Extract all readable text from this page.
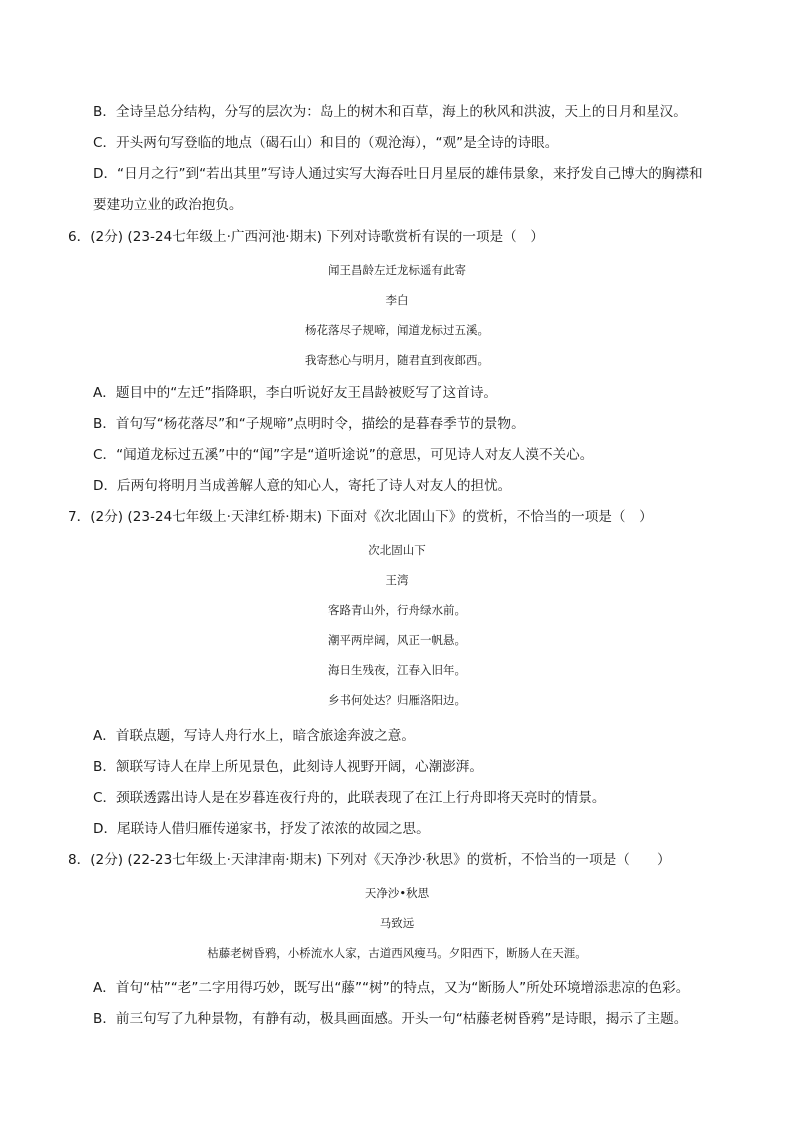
B．全诗呈总分结构，分写的层次为：岛上的树木和百草，海上的秋风和洪波，天上的日月和星汉。
C．开头两句写登临的地点（碣石山）和目的（观沧海），“观”是全诗的诗眼。
D．“日月之行”到“若出其里”写诗人通过实写大海吞吐日月星辰的雄伟景象，来抒发自己博大的胸襟和
要建功立业的政治抱负。
6．(2分) (23-24七年级上·广西河池·期末) 下列对诗歌赏析有误的一项是（　）
闻王昌龄左迁龙标遥有此寄
李白
杨花落尽子规啼，闻道龙标过五溪。
我寄愁心与明月，随君直到夜郎西。
A．题目中的“左迁”指降职，李白听说好友王昌龄被贬写了这首诗。
B．首句写“杨花落尽”和“子规啼”点明时令，描绘的是暮春季节的景物。
C．“闻道龙标过五溪”中的“闻”字是“道听途说”的意思，可见诗人对友人漠不关心。
D．后两句将明月当成善解人意的知心人，寄托了诗人对友人的担忧。
7．(2分) (23-24七年级上·天津红桥·期末) 下面对《次北固山下》的赏析，不恰当的一项是（　）
次北固山下
王湾
客路青山外，行舟绿水前。
潮平两岸阔，风正一帆悬。
海日生残夜，江春入旧年。
乡书何处达？归雁洛阳边。
A．首联点题，写诗人舟行水上，暗含旅途奔波之意。
B．颔联写诗人在岸上所见景色，此刻诗人视野开阔，心潮澎湃。
C．颈联透露出诗人是在岁暮连夜行舟的，此联表现了在江上行舟即将天亮时的情景。
D．尾联诗人借归雁传递家书，抒发了浓浓的故园之思。
8．(2分) (22-23七年级上·天津津南·期末) 下列对《天净沙·秋思》的赏析，不恰当的一项是（　　）
天净沙•秋思
马致远
枯藤老树昏鸦，小桥流水人家，古道西风瘦马。夕阳西下，断肠人在天涯。
A．首句“枯”“老”二字用得巧妙，既写出“藤”“树”的特点，又为“断肠人”所处环境增添悲凉的色彩。
B．前三句写了九种景物，有静有动，极具画面感。开头一句“枯藤老树昏鸦”是诗眼，揭示了主题。
